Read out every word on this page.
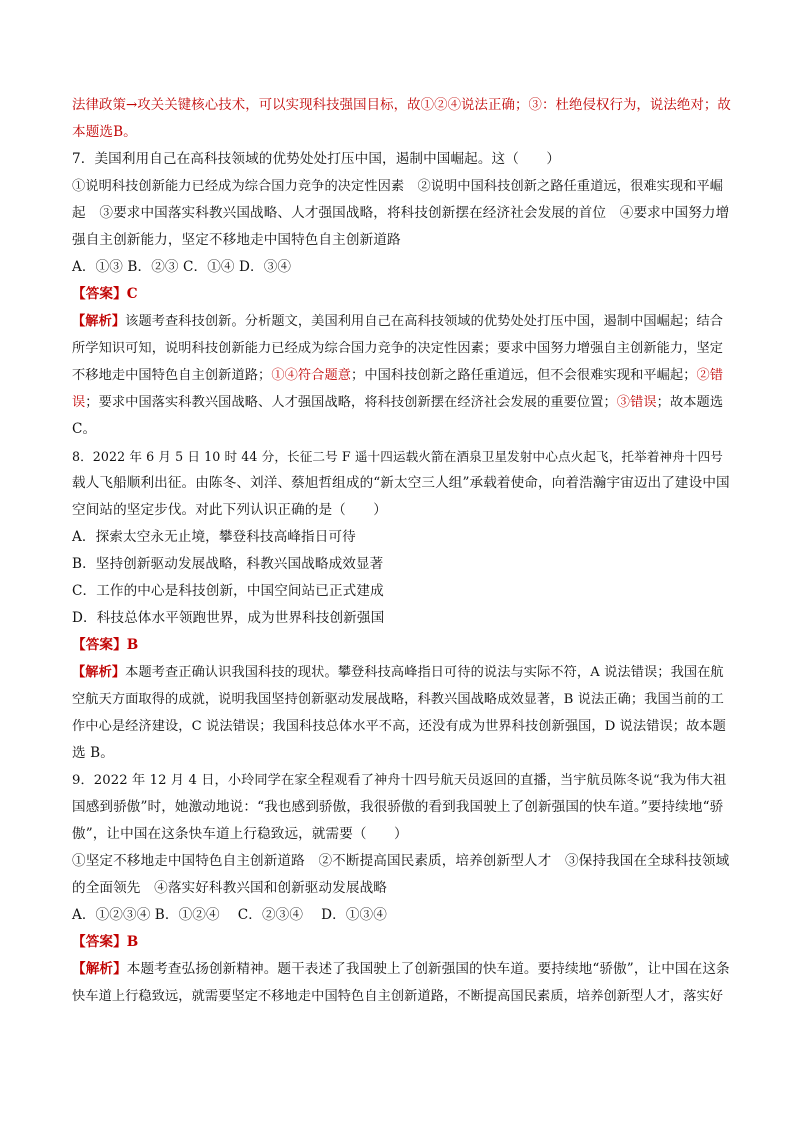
法律政策→攻关关键核心技术，可以实现科技强国目标，故①②④说法正确；③：杜绝侵权行为，说法绝对；故
本题选B。
7．美国利用自己在高科技领域的优势处处打压中国，遏制中国崛起。这（　　）
①说明科技创新能力已经成为综合国力竞争的决定性因素　②说明中国科技创新之路任重道远，很难实现和平崛
起　③要求中国落实科教兴国战略、人才强国战略，将科技创新摆在经济社会发展的首位　④要求中国努力增
强自主创新能力，坚定不移地走中国特色自主创新道路
A．①③ B．②③ C．①④ D．③④
【答案】C
【解析】该题考查科技创新。分析题文，美国利用自己在高科技领域的优势处处打压中国，遏制中国崛起；结合
所学知识可知，说明科技创新能力已经成为综合国力竞争的决定性因素；要求中国努力增强自主创新能力，坚定
不移地走中国特色自主创新道路；①④符合题意；中国科技创新之路任重道远，但不会很难实现和平崛起；②错
误；要求中国落实科教兴国战略、人才强国战略，将科技创新摆在经济社会发展的重要位置；③错误；故本题选
C。
8．2022 年 6 月 5 日 10 时 44 分，长征二号 F 遥十四运载火箭在酒泉卫星发射中心点火起飞，托举着神舟十四号
载人飞船顺利出征。由陈冬、刘洋、蔡旭哲组成的“新太空三人组”承载着使命，向着浩瀚宇宙迈出了建设中国
空间站的坚定步伐。对此下列认识正确的是（　　）
A．探索太空永无止境，攀登科技高峰指日可待
B．坚持创新驱动发展战略，科教兴国战略成效显著
C．工作的中心是科技创新，中国空间站已正式建成
D．科技总体水平领跑世界，成为世界科技创新强国
【答案】B
【解析】本题考查正确认识我国科技的现状。攀登科技高峰指日可待的说法与实际不符，A 说法错误；我国在航
空航天方面取得的成就，说明我国坚持创新驱动发展战略，科教兴国战略成效显著，B 说法正确；我国当前的工
作中心是经济建设，C 说法错误；我国科技总体水平不高，还没有成为世界科技创新强国，D 说法错误；故本题
选 B。
9．2022 年 12 月 4 日，小玲同学在家全程观看了神舟十四号航天员返回的直播，当宇航员陈冬说“我为伟大祖
国感到骄傲”时，她激动地说：“我也感到骄傲，我很骄傲的看到我国驶上了创新强国的快车道。”要持续地“骄
傲”，让中国在这条快车道上行稳致远，就需要（　　）
①坚定不移地走中国特色自主创新道路　②不断提高国民素质，培养创新型人才　③保持我国在全球科技领域
的全面领先　④落实好科教兴国和创新驱动发展战略
A．①②③④ B．①②④　 C．②③④　 D．①③④
【答案】B
【解析】本题考查弘扬创新精神。题干表述了我国驶上了创新强国的快车道。要持续地“骄傲”，让中国在这条
快车道上行稳致远，就需要坚定不移地走中国特色自主创新道路，不断提高国民素质，培养创新型人才，落实好
